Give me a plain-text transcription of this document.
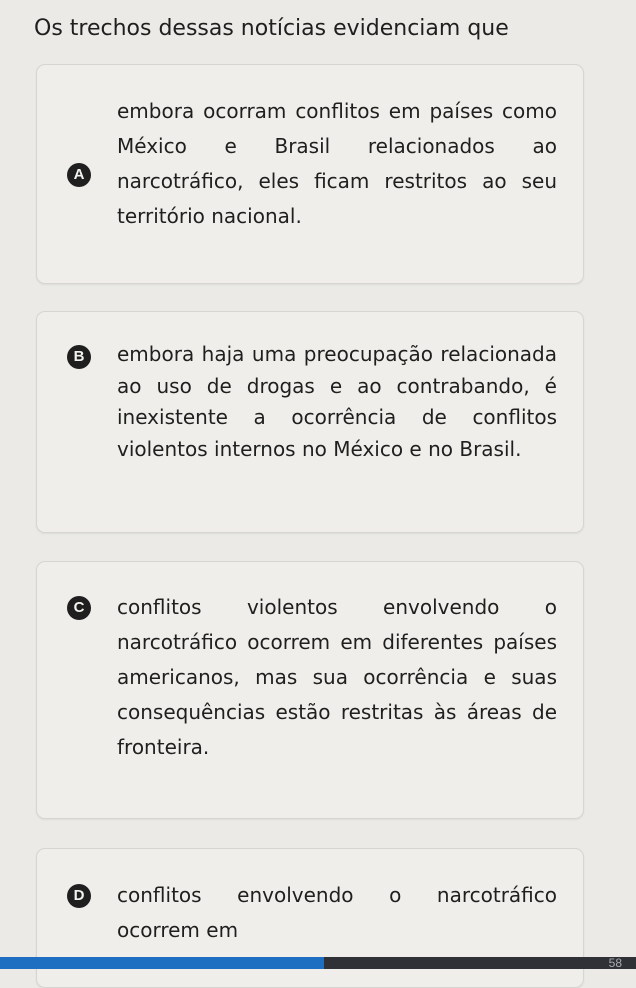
Os trechos dessas notícias evidenciam que
A
embora ocorram conflitos em países como México e Brasil relacionados ao narcotráfico, eles ficam restritos ao seu território nacional.
B	embora haja uma preocupação relacionada ao uso de drogas e ao contrabando, é inexistente a ocorrência de conflitos violentos internos no México e no Brasil.
C	conflitos violentos envolvendo o narcotráfico ocorrem em diferentes países americanos, mas sua ocorrência e suas consequências estão restritas às áreas de fronteira.
D	conflitos envolvendo o narcotráfico ocorrem em
58
